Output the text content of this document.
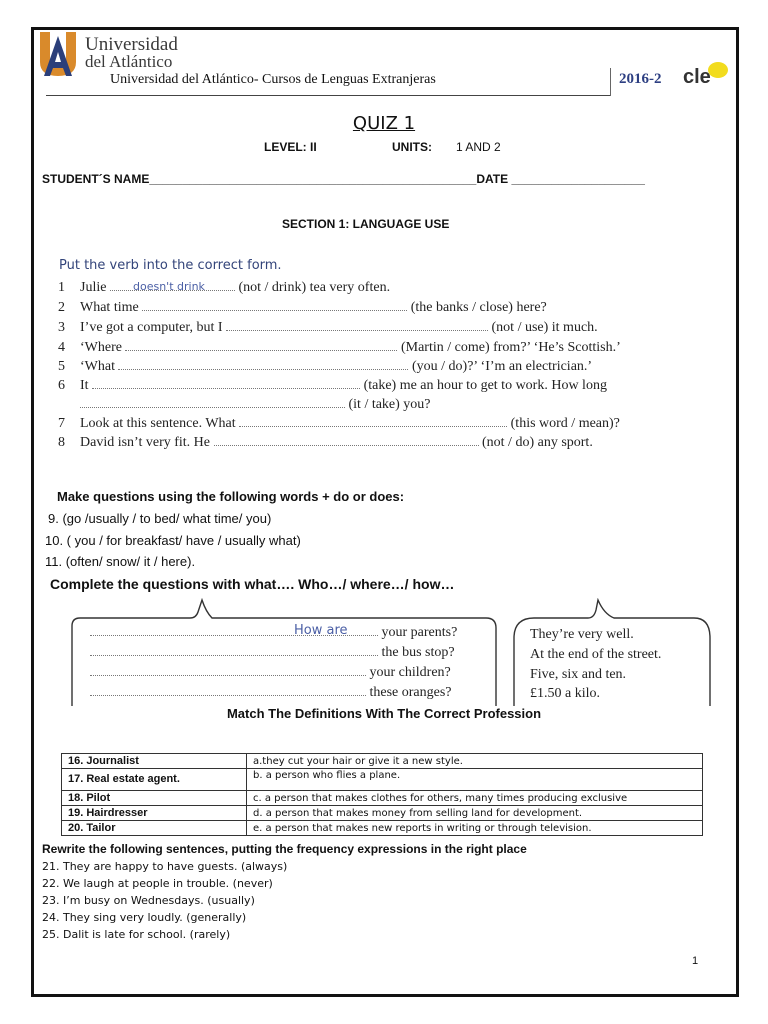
Universidad
del Atlántico
Universidad del Atlántico- Cursos de Lenguas Extranjeras	2016-2 cle
QUIZ 1
LEVEL: II	UNITS: 1 AND 2
STUDENT´S NAME_________________________________________________DATE ____________________
SECTION 1: LANGUAGE USE
Put the verb into the correct form.
1 Julie	(not / drink) tea very often.
doesn't drink
2 What time	(the banks / close) here?
3 I’ve got a computer, but I	(not / use) it much.
4 ‘Where	(Martin / come) from?’ ‘He’s Scottish.’
5 ‘What	(you / do)?’ ‘I’m an electrician.’
6 It	(take) me an hour to get to work. How long
(it / take) you?
7 Look at this sentence. What	(this word / mean)?
8 David isn’t very fit. He	(not / do) any sport.
Make questions using the following words + do or does:
9. (go /usually / to bed/ what time/ you)
10. ( you / for breakfast/ have / usually what)
11. (often/ snow/ it / here).
Complete the questions with what…. Who…/ where…/ how…
your parents?
How are
the bus stop?
your children?
these oranges?
They’re very well.
At the end of the street.
Five, six and ten.
£1.50 a kilo.
Match The Definitions With The Correct Profession
16. Journalist	a.they cut your hair or give it a new style.
17. Real estate agent.	b. a person who flies a plane.
18. Pilot	c. a person that makes clothes for others, many times producing exclusive
19. Hairdresser	d. a person that makes money from selling land for development.
20. Tailor	e. a person that makes new reports in writing or through television.
Rewrite the following sentences, putting the frequency expressions in the right place
21. They are happy to have guests. (always)
22. We laugh at people in trouble. (never)
23. I’m busy on Wednesdays. (usually)
24. They sing very loudly. (generally)
25. Dalit is late for school. (rarely)
1
